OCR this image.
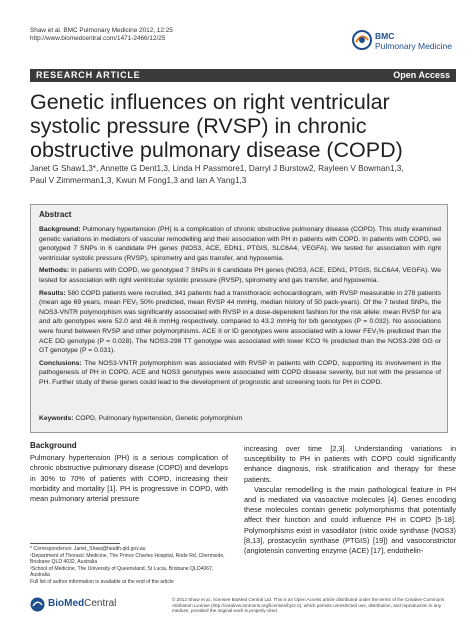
Shaw et al. BMC Pulmonary Medicine 2012, 12:25
http://www.biomedcentral.com/1471-2466/12/25	BMC
Pulmonary Medicine
RESEARCH ARTICLE	Open Access
Genetic influences on right ventricular systolic pressure (RVSP) in chronic obstructive pulmonary disease (COPD)
Janet G Shaw1,3*, Annette G Dent1,3, Linda H Passmore1, Darryl J Burstow2, Rayleen V Bowman1,3,
Paul V Zimmerman1,3, Kwun M Fong1,3 and Ian A Yang1,3
Abstract

Background: Pulmonary hypertension (PH) is a complication of chronic obstructive pulmonary disease (COPD). This study examined genetic variations in mediators of vascular remodelling and their association with PH in patients with COPD. In patients with COPD, we genotyped 7 SNPs in 6 candidate PH genes (NOS3, ACE, EDN1, PTGIS, SLC6A4, VEGFA). We tested for association with right ventricular systolic pressure (RVSP), spirometry and gas transfer, and hypoxemia.

Methods: In patients with COPD, we genotyped 7 SNPs in 6 candidate PH genes (NOS3, ACE, EDN1, PTGIS, SLC6A4, VEGFA). We tested for association with right ventricular systolic pressure (RVSP), spirometry and gas transfer, and hypoxemia.

Results: 580 COPD patients were recruited, 341 patients had a transthoracic echocardiogram, with RVSP measurable in 278 patients (mean age 69 years, mean FEV₁ 50% predicted, mean RVSP 44 mmHg, median history of 50 pack-years). Of the 7 tested SNPs, the NOS3-VNTR polymorphism was significantly associated with RVSP in a dose-dependent fashion for the risk allele: mean RVSP for a/a and a/b genotypes were 52.0 and 46.6 mmHg respectively, compared to 43.2 mmHg for b/b genotypes (P = 0.032). No associations were found between RVSP and other polymorphisms. ACE II or ID genotypes were associated with a lower FEV₁% predicted than the ACE DD genotype (P = 0.028). The NOS3-298 TT genotype was associated with lower KCO % predicted than the NOS3-298 GG or GT genotype (P = 0.031).

Conclusions: The NOS3-VNTR polymorphism was associated with RVSP in patients with COPD, supporting its involvement in the pathogenesis of PH in COPD. ACE and NOS3 genotypes were associated with COPD disease severity, but not with the presence of PH. Further study of these genes could lead to the development of prognostic and screening tools for PH in COPD.

Keywords: COPD, Pulmonary hypertension, Genetic polymorphism
Background

Pulmonary hypertension (PH) is a serious complication of chronic obstructive pulmonary disease (COPD) and develops in 30% to 70% of patients with COPD, increasing their morbidity and mortality [1]. PH is progressive in COPD, with mean pulmonary arterial pressure

* Correspondence: Janet_Shaw@health.qld.gov.au

¹Department of Thoracic Medicine, The Prince Charles Hospital, Rode Rd, Chermside, Brisbane QLD 4032, Australia

³School of Medicine, The University of Queensland, St Lucia, Brisbane QLD4067, Australia

Full list of author information is available at the end of the article

increasing over time [2,3]. Understanding variations in susceptibility to PH in patients with COPD could significantly enhance diagnosis, risk stratification and therapy for these patients.

Vascular remodelling is the main pathological feature in PH and is mediated via vasoactive molecules [4]. Genes encoding these molecules contain genetic polymorphisms that potentially affect their function and could influence PH in COPD [5-18]. Polymorphisms exist in vasodilator (nitric oxide synthase (NOS3) [8,13], prostacyclin synthase (PTGIS) [19]) and vasoconstrictor (angiotensin converting enzyme (ACE) [17], endothelin-

BioMedCentral	© 2012 Shaw et al.; licensee BioMed Central Ltd. This is an Open Access article distributed under the terms of the Creative Commons Attribution License (http://creativecommons.org/licenses/by/2.0), which permits unrestricted use, distribution, and reproduction in any medium, provided the original work is properly cited.
